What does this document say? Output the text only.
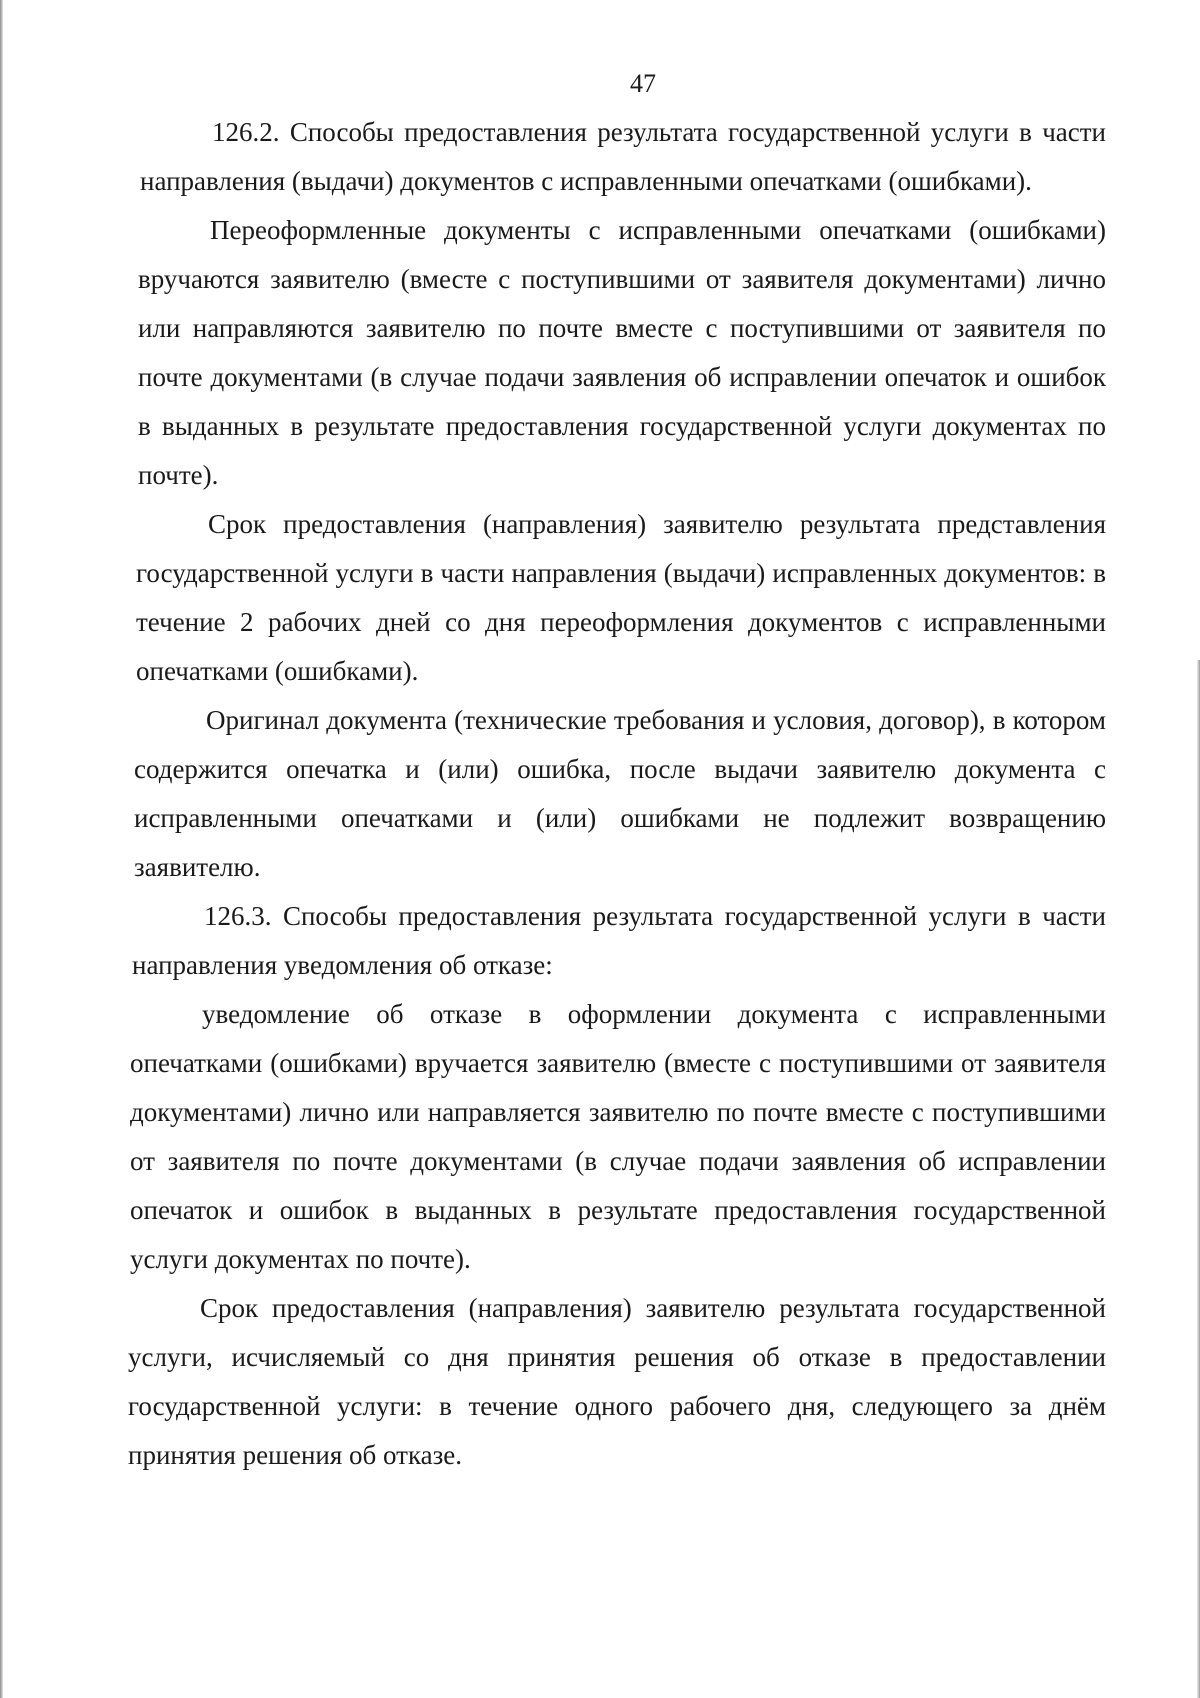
47

126.2. Способы предоставления результата государственной услуги в части направления (выдачи) документов с исправленными опечатками (ошибками).

Переоформленные документы с исправленными опечатками (ошибками) вручаются заявителю (вместе с поступившими от заявителя документами) лично или направляются заявителю по почте вместе с поступившими от заявителя по почте документами (в случае подачи заявления об исправлении опечаток и ошибок в выданных в результате предоставления государственной услуги документах по почте).

Срок предоставления (направления) заявителю результата представления государственной услуги в части направления (выдачи) исправленных документов: в течение 2 рабочих дней со дня переоформления документов с исправленными опечатками (ошибками).

Оригинал документа (технические требования и условия, договор), в котором содержится опечатка и (или) ошибка, после выдачи заявителю документа с исправленными опечатками и (или) ошибками не подлежит возвращению заявителю.

126.3. Способы предоставления результата государственной услуги в части направления уведомления об отказе:

уведомление об отказе в оформлении документа с исправленными опечатками (ошибками) вручается заявителю (вместе с поступившими от заявителя документами) лично или направляется заявителю по почте вместе с поступившими от заявителя по почте документами (в случае подачи заявления об исправлении опечаток и ошибок в выданных в результате предоставления государственной услуги документах по почте).

Срок предоставления (направления) заявителю результата государственной услуги, исчисляемый со дня принятия решения об отказе в предоставлении государственной услуги: в течение одного рабочего дня, следующего за днём принятия решения об отказе.
